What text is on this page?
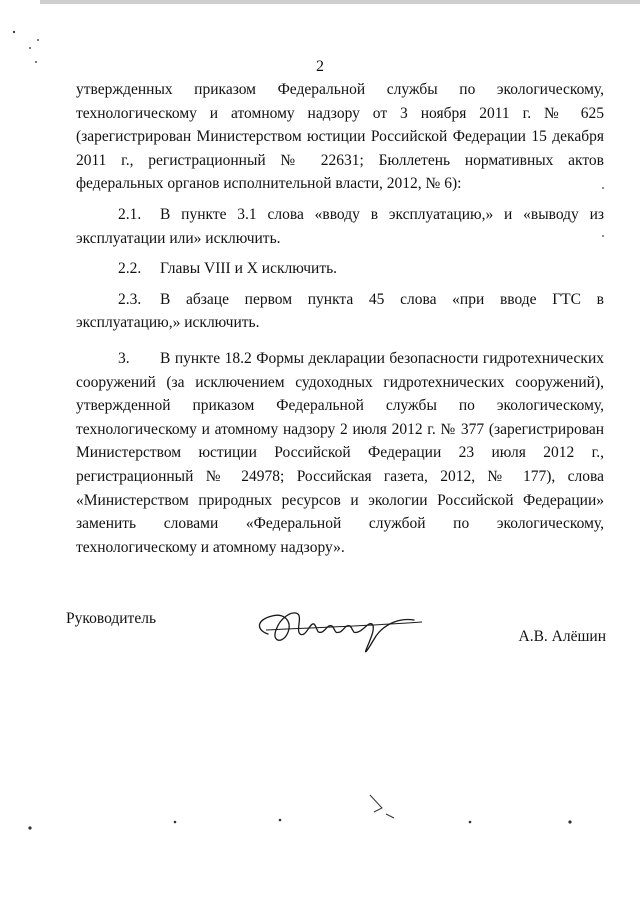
2

утвержденных приказом Федеральной службы по экологическому, технологическому и атомному надзору от 3 ноября 2011 г. № 625 (зарегистрирован Министерством юстиции Российской Федерации 15 декабря 2011 г., регистрационный № 22631; Бюллетень нормативных актов федеральных органов исполнительной власти, 2012, № 6):

2.1. В пункте 3.1 слова «вводу в эксплуатацию,» и «выводу из эксплуатации или» исключить.

2.2. Главы VIII и X исключить.

2.3. В абзаце первом пункта 45 слова «при вводе ГТС в эксплуатацию,» исключить.

3. В пункте 18.2 Формы декларации безопасности гидротехнических сооружений (за исключением судоходных гидротехнических сооружений), утвержденной приказом Федеральной службы по экологическому, технологическому и атомному надзору 2 июля 2012 г. № 377 (зарегистрирован Министерством юстиции Российской Федерации 23 июля 2012 г., регистрационный № 24978; Российская газета, 2012, № 177), слова «Министерством природных ресурсов и экологии Российской Федерации» заменить словами «Федеральной службой по экологическому, технологическому и атомному надзору».

Руководитель
А.В. Алёшин
